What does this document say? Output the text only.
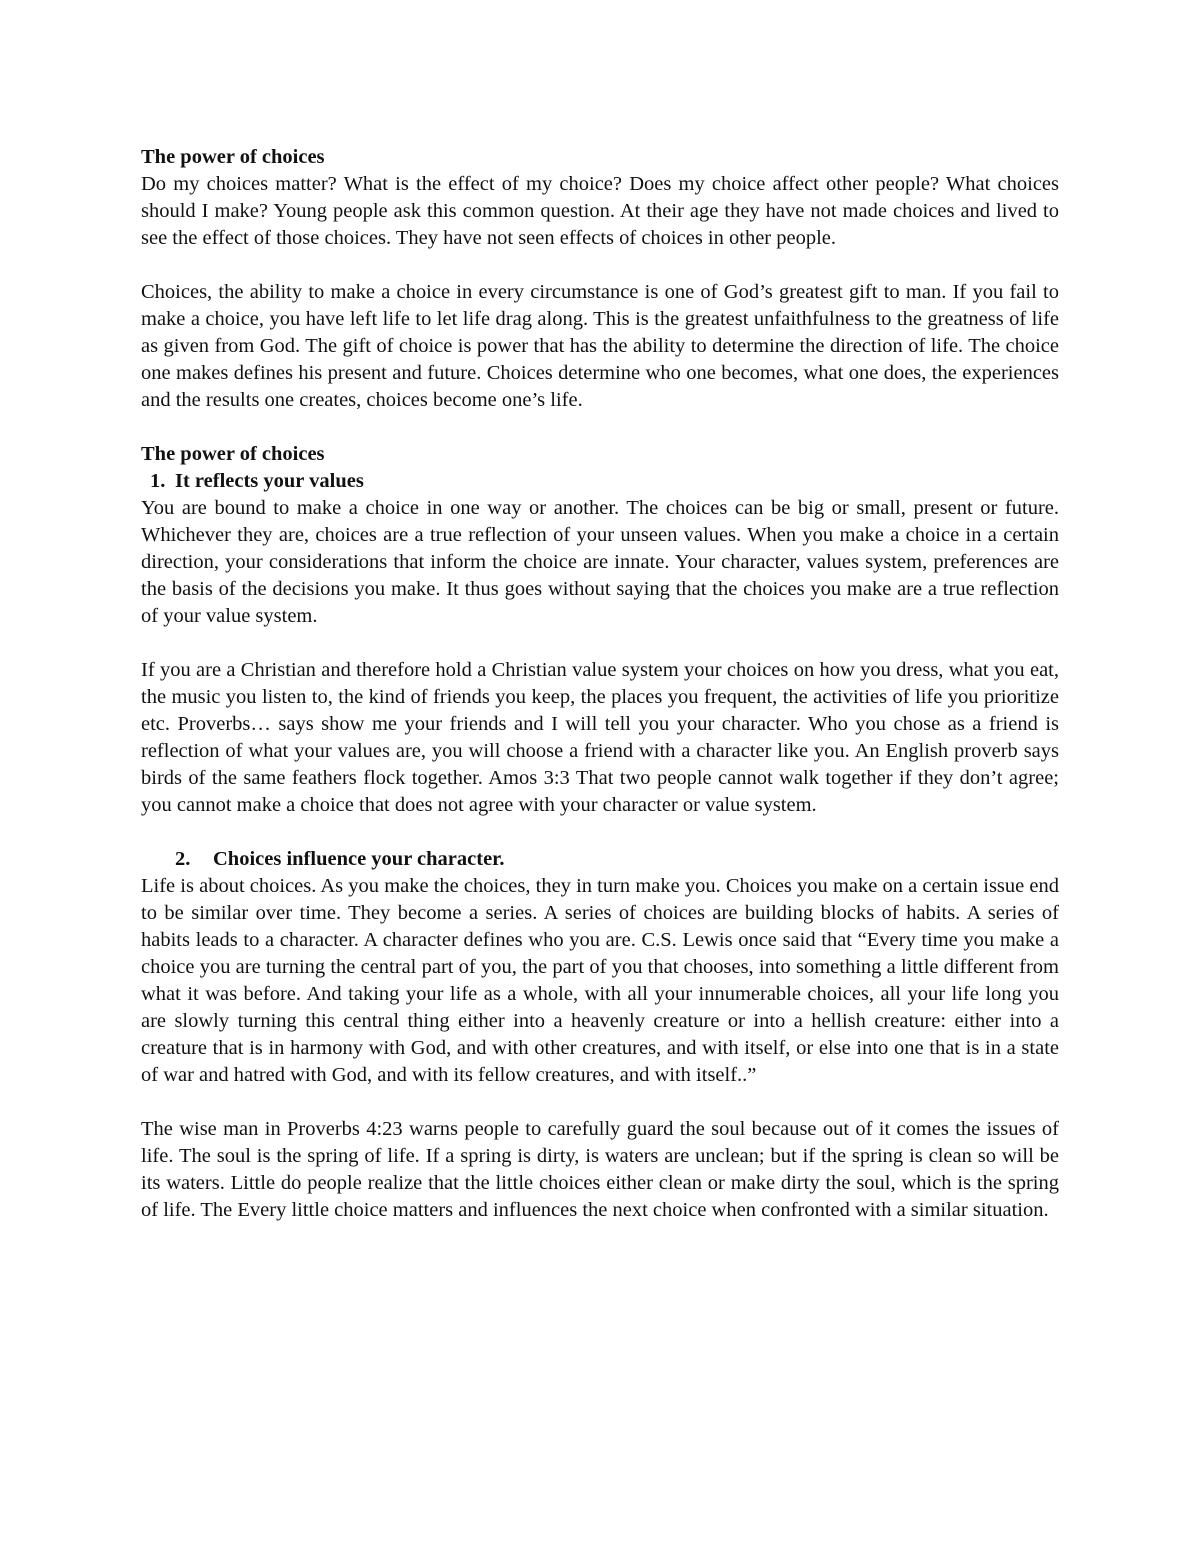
The power of choices

Do my choices matter? What is the effect of my choice? Does my choice affect other people? What choices should I make? Young people ask this common question. At their age they have not made choices and lived to see the effect of those choices. They have not seen effects of choices in other people.

Choices, the ability to make a choice in every circumstance is one of God’s greatest gift to man. If you fail to make a choice, you have left life to let life drag along. This is the greatest unfaithfulness to the greatness of life as given from God. The gift of choice is power that has the ability to determine the direction of life. The choice one makes defines his present and future. Choices determine who one becomes, what one does, the experiences and the results one creates, choices become one’s life.

The power of choices

1. It reflects your values

You are bound to make a choice in one way or another. The choices can be big or small, present or future. Whichever they are, choices are a true reflection of your unseen values. When you make a choice in a certain direction, your considerations that inform the choice are innate. Your character, values system, preferences are the basis of the decisions you make. It thus goes without saying that the choices you make are a true reflection of your value system.

If you are a Christian and therefore hold a Christian value system your choices on how you dress, what you eat, the music you listen to, the kind of friends you keep, the places you frequent, the activities of life you prioritize etc. Proverbs… says show me your friends and I will tell you your character. Who you chose as a friend is reflection of what your values are, you will choose a friend with a character like you. An English proverb says birds of the same feathers flock together. Amos 3:3 That two people cannot walk together if they don’t agree; you cannot make a choice that does not agree with your character or value system.

2.	Choices influence your character.

Life is about choices. As you make the choices, they in turn make you. Choices you make on a certain issue end to be similar over time. They become a series. A series of choices are building blocks of habits. A series of habits leads to a character. A character defines who you are. C.S. Lewis once said that “Every time you make a choice you are turning the central part of you, the part of you that chooses, into something a little different from what it was before. And taking your life as a whole, with all your innumerable choices, all your life long you are slowly turning this central thing either into a heavenly creature or into a hellish creature: either into a creature that is in harmony with God, and with other creatures, and with itself, or else into one that is in a state of war and hatred with God, and with its fellow creatures, and with itself..”

The wise man in Proverbs 4:23 warns people to carefully guard the soul because out of it comes the issues of life. The soul is the spring of life. If a spring is dirty, is waters are unclean; but if the spring is clean so will be its waters. Little do people realize that the little choices either clean or make dirty the soul, which is the spring of life. The Every little choice matters and influences the next choice when confronted with a similar situation.
